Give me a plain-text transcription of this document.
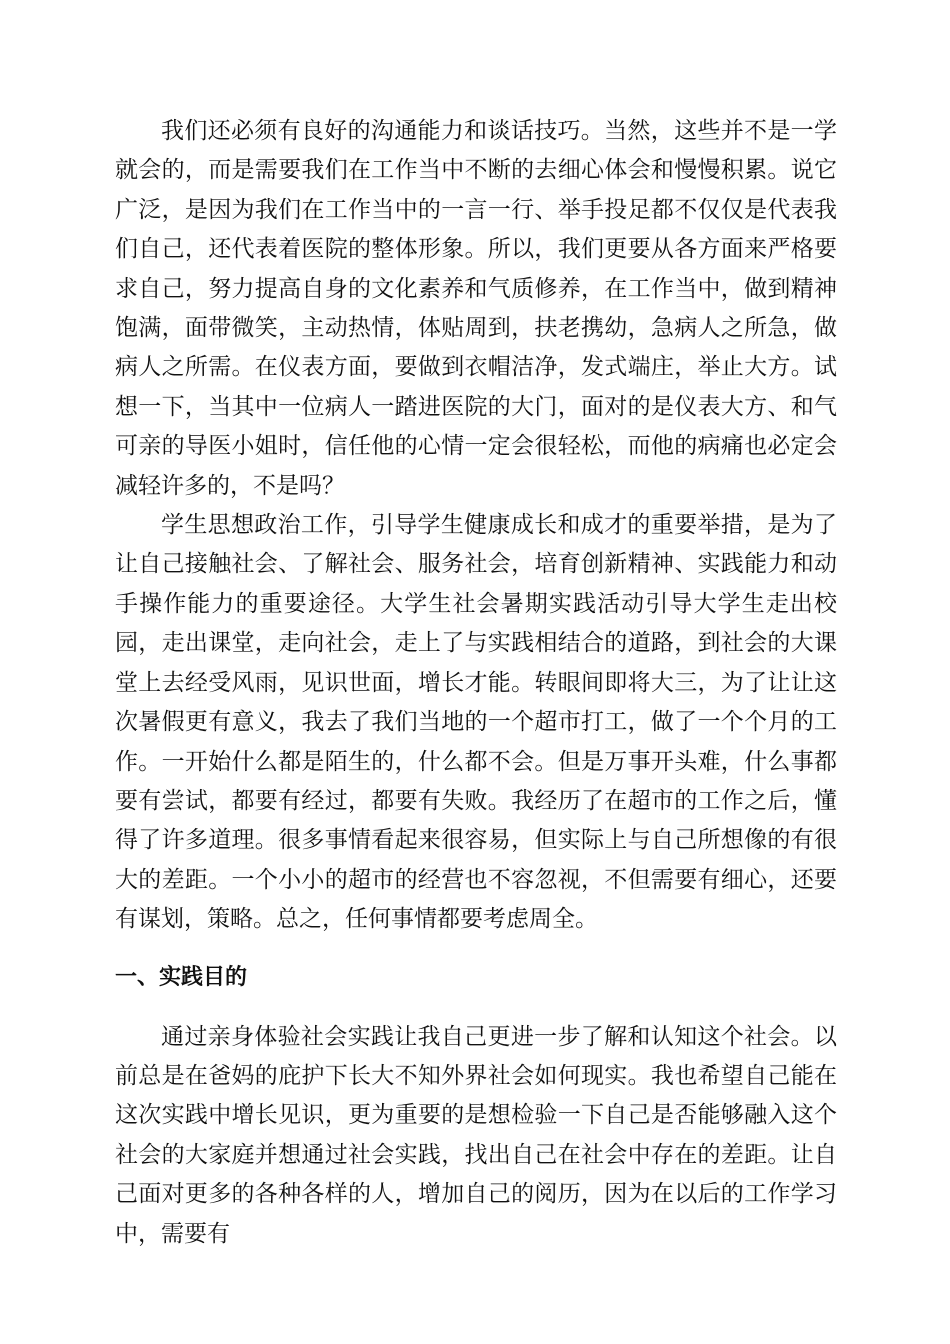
我们还必须有良好的沟通能力和谈话技巧。当然，这些并不是一学就会的，而是需要我们在工作当中不断的去细心体会和慢慢积累。说它广泛，是因为我们在工作当中的一言一行、举手投足都不仅仅是代表我们自己，还代表着医院的整体形象。所以，我们更要从各方面来严格要求自己，努力提高自身的文化素养和气质修养，在工作当中，做到精神饱满，面带微笑，主动热情，体贴周到，扶老携幼，急病人之所急，做病人之所需。在仪表方面，要做到衣帽洁净，发式端庄，举止大方。试想一下，当其中一位病人一踏进医院的大门，面对的是仪表大方、和气可亲的导医小姐时，信任他的心情一定会很轻松，而他的病痛也必定会减轻许多的，不是吗？

学生思想政治工作，引导学生健康成长和成才的重要举措，是为了让自己接触社会、了解社会、服务社会，培育创新精神、实践能力和动手操作能力的重要途径。大学生社会暑期实践活动引导大学生走出校园，走出课堂，走向社会，走上了与实践相结合的道路，到社会的大课堂上去经受风雨，见识世面，增长才能。转眼间即将大三，为了让让这次暑假更有意义，我去了我们当地的一个超市打工，做了一个个月的工作。一开始什么都是陌生的，什么都不会。但是万事开头难，什么事都要有尝试，都要有经过，都要有失败。我经历了在超市的工作之后，懂得了许多道理。很多事情看起来很容易，但实际上与自己所想像的有很大的差距。一个小小的超市的经营也不容忽视，不但需要有细心，还要有谋划，策略。总之，任何事情都要考虑周全。

一、实践目的

通过亲身体验社会实践让我自己更进一步了解和认知这个社会。以前总是在爸妈的庇护下长大不知外界社会如何现实。我也希望自己能在这次实践中增长见识，更为重要的是想检验一下自己是否能够融入这个社会的大家庭并想通过社会实践，找出自己在社会中存在的差距。让自己面对更多的各种各样的人，增加自己的阅历，因为在以后的工作学习中，需要有
